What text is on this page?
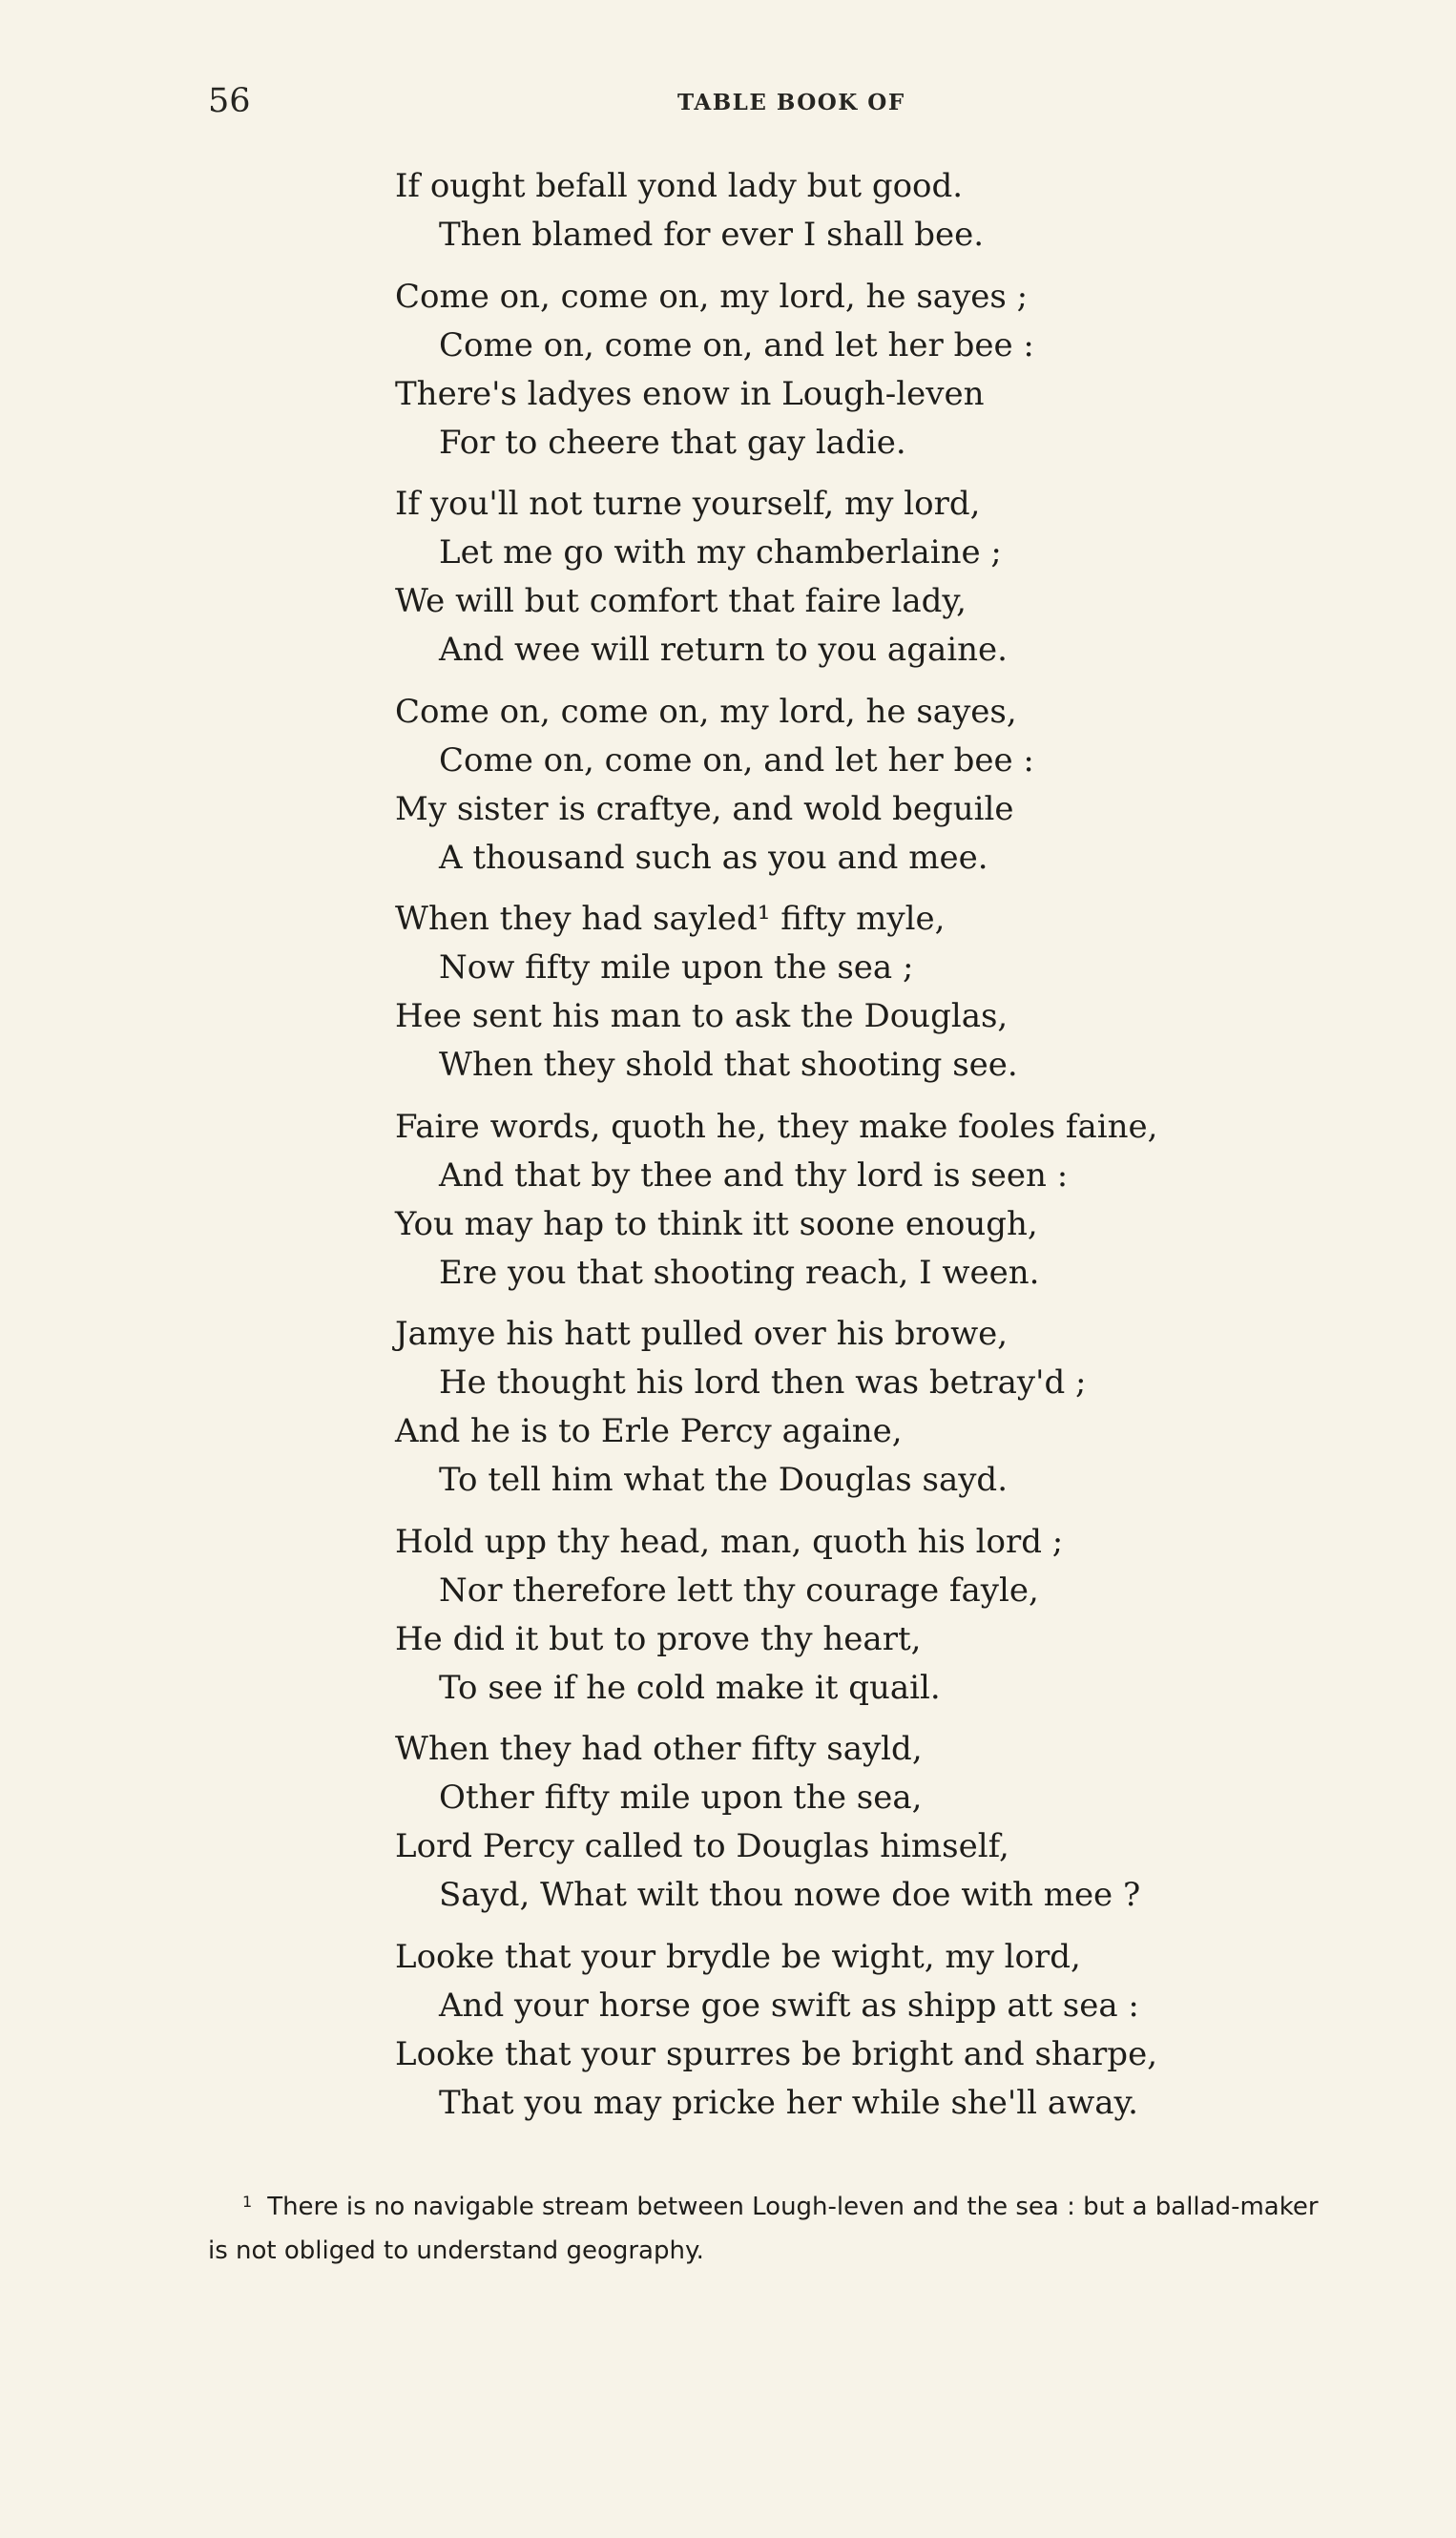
56	TABLE BOOK OF
If ought befall yond lady but good.
Then blamed for ever I shall bee.
Come on, come on, my lord, he sayes ;
Come on, come on, and let her bee :
There's ladyes enow in Lough-leven
For to cheere that gay ladie.
If you'll not turne yourself, my lord,
Let me go with my chamberlaine ;
We will but comfort that faire lady,
And wee will return to you againe.
Come on, come on, my lord, he sayes,
Come on, come on, and let her bee :
My sister is craftye, and wold beguile
A thousand such as you and mee.
When they had sayled¹ fifty myle,
Now fifty mile upon the sea ;
Hee sent his man to ask the Douglas,
When they shold that shooting see.
Faire words, quoth he, they make fooles faine,
And that by thee and thy lord is seen :
You may hap to think itt soone enough,
Ere you that shooting reach, I ween.
Jamye his hatt pulled over his browe,
He thought his lord then was betray'd ;
And he is to Erle Percy againe,
To tell him what the Douglas sayd.
Hold upp thy head, man, quoth his lord ;
Nor therefore lett thy courage fayle,
He did it but to prove thy heart,
To see if he cold make it quail.
When they had other fifty sayld,
Other fifty mile upon the sea,
Lord Percy called to Douglas himself,
Sayd, What wilt thou nowe doe with mee ?
Looke that your brydle be wight, my lord,
And your horse goe swift as shipp att sea :
Looke that your spurres be bright and sharpe,
That you may pricke her while she'll away.
$^1$ There is no navigable stream between Lough-leven and the sea : but a ballad-maker
is not obliged to understand geography.
